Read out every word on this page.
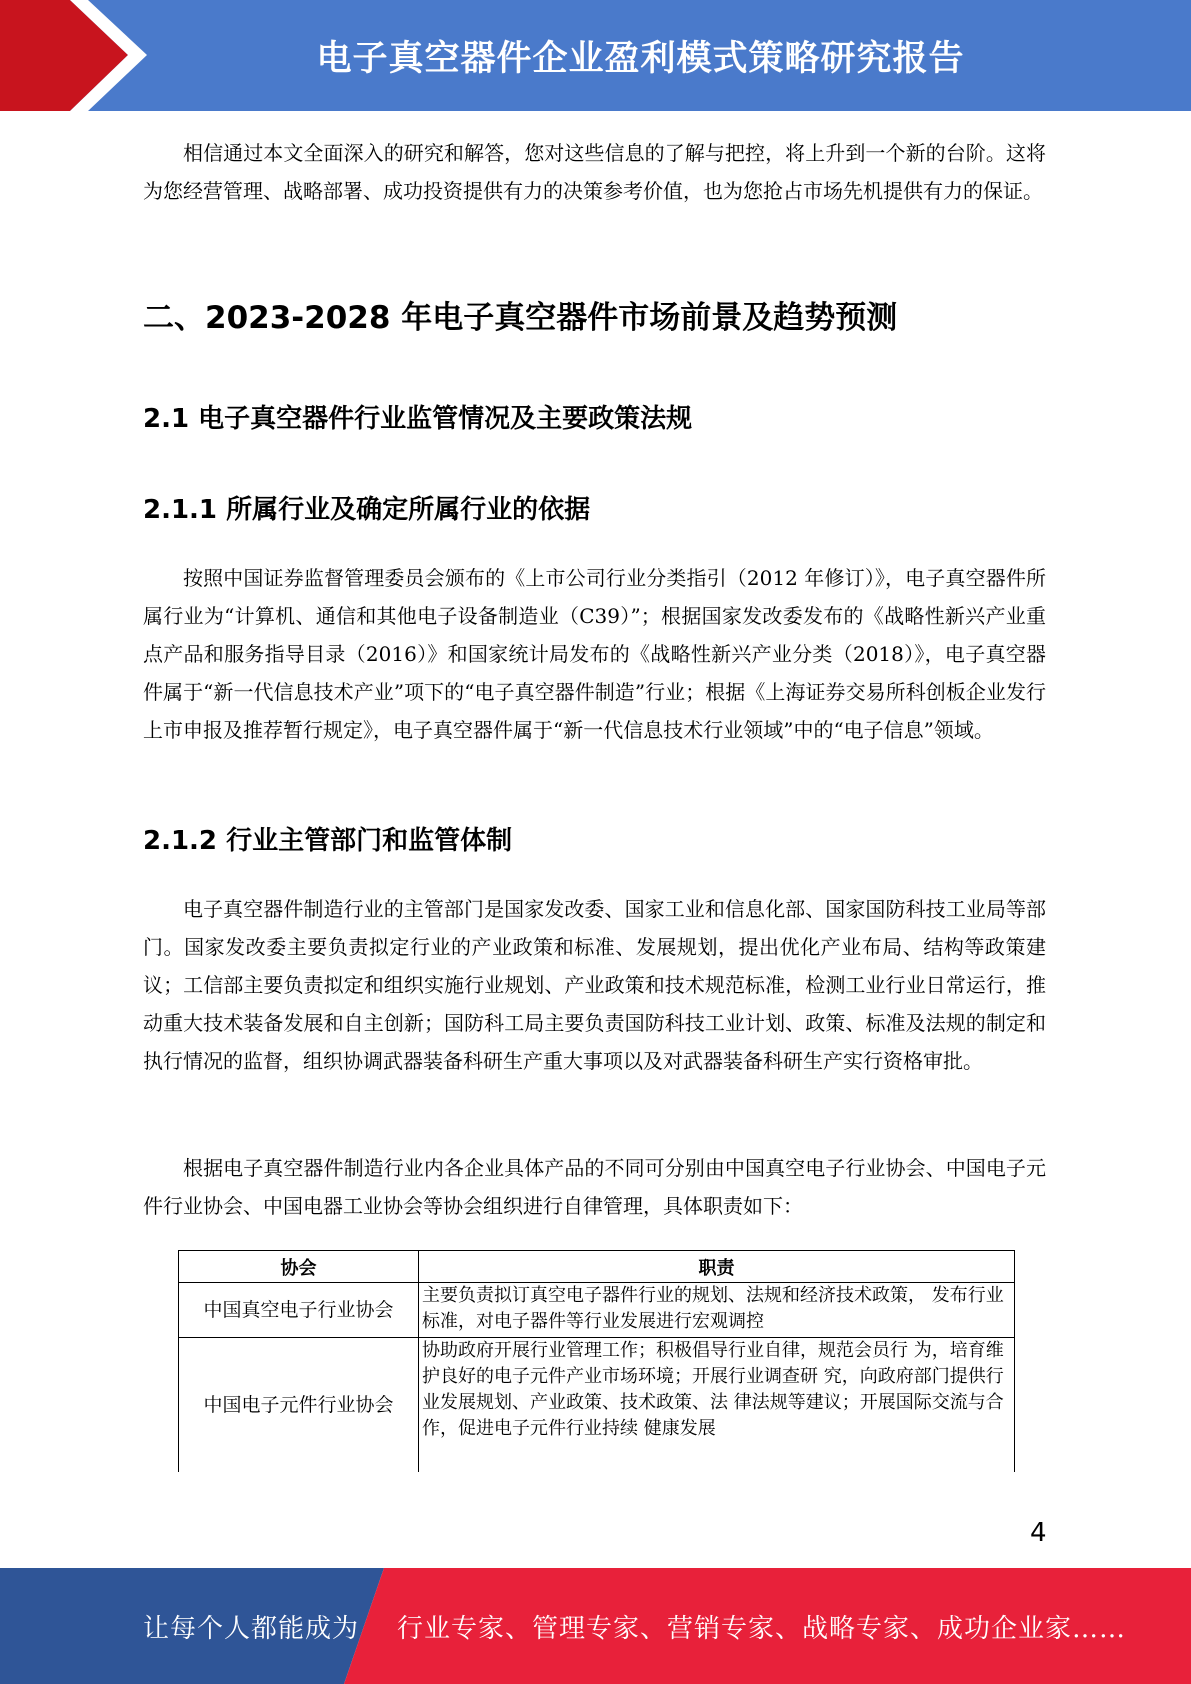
电子真空器件企业盈利模式策略研究报告

相信通过本文全面深入的研究和解答，您对这些信息的了解与把控，将上升到一个新的台阶。这将为您经营管理、战略部署、成功投资提供有力的决策参考价值，也为您抢占市场先机提供有力的保证。

二、2023-2028 年电子真空器件市场前景及趋势预测
2.1 电子真空器件行业监管情况及主要政策法规
2.1.1 所属行业及确定所属行业的依据

按照中国证券监督管理委员会颁布的《上市公司行业分类指引（2012 年修订）》，电子真空器件所属行业为“计算机、通信和其他电子设备制造业（C39）”；根据国家发改委发布的《战略性新兴产业重点产品和服务指导目录（2016）》和国家统计局发布的《战略性新兴产业分类（2018）》，电子真空器件属于“新一代信息技术产业”项下的“电子真空器件制造”行业；根据《上海证券交易所科创板企业发行上市申报及推荐暂行规定》，电子真空器件属于“新一代信息技术行业领域”中的“电子信息”领域。

2.1.2 行业主管部门和监管体制

电子真空器件制造行业的主管部门是国家发改委、国家工业和信息化部、国家国防科技工业局等部门。国家发改委主要负责拟定行业的产业政策和标准、发展规划，提出优化产业布局、结构等政策建议；工信部主要负责拟定和组织实施行业规划、产业政策和技术规范标准，检测工业行业日常运行，推动重大技术装备发展和自主创新；国防科工局主要负责国防科技工业计划、政策、标准及法规的制定和执行情况的监督，组织协调武器装备科研生产重大事项以及对武器装备科研生产实行资格审批。

根据电子真空器件制造行业内各企业具体产品的不同可分别由中国真空电子行业协会、中国电子元件行业协会、中国电器工业协会等协会组织进行自律管理，具体职责如下：

协会	职责
中国真空电子行业协会	主要负责拟订真空电子器件行业的规划、法规和经济技术政策， 发布行业标准，对电子器件等行业发展进行宏观调控
中国电子元件行业协会	协助政府开展行业管理工作；积极倡导行业自律，规范会员行 为，培育维护良好的电子元件产业市场环境；开展行业调查研 究，向政府部门提供行业发展规划、产业政策、技术政策、法 律法规等建议；开展国际交流与合作，促进电子元件行业持续 健康发展
4
让每个人都能成为 行业专家、管理专家、营销专家、战略专家、成功企业家……
